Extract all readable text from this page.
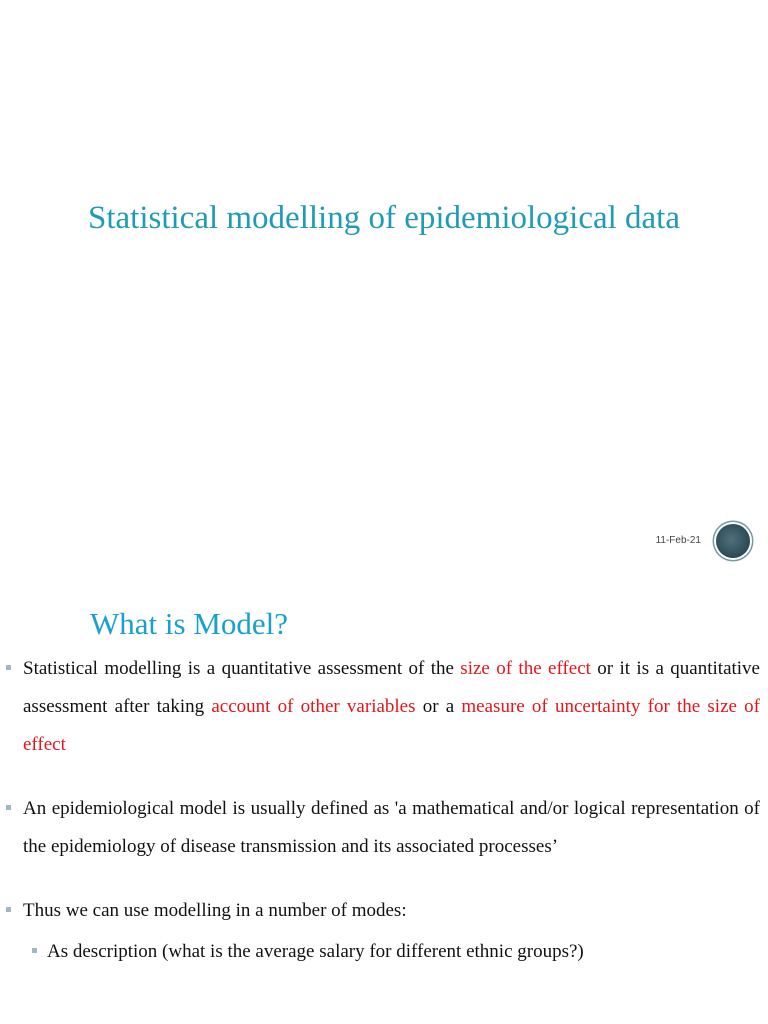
Statistical modelling of epidemiological data
11-Feb-21
What is Model?
Statistical modelling is a quantitative assessment of the size of the effect or it is a quantitative assessment after taking account of other variables or a measure of uncertainty for the size of effect
An epidemiological model is usually defined as 'a mathematical and/or logical representation of the epidemiology of disease transmission and its associated processes’
Thus we can use modelling in a number of modes:
As description (what is the average salary for different ethnic groups?)
